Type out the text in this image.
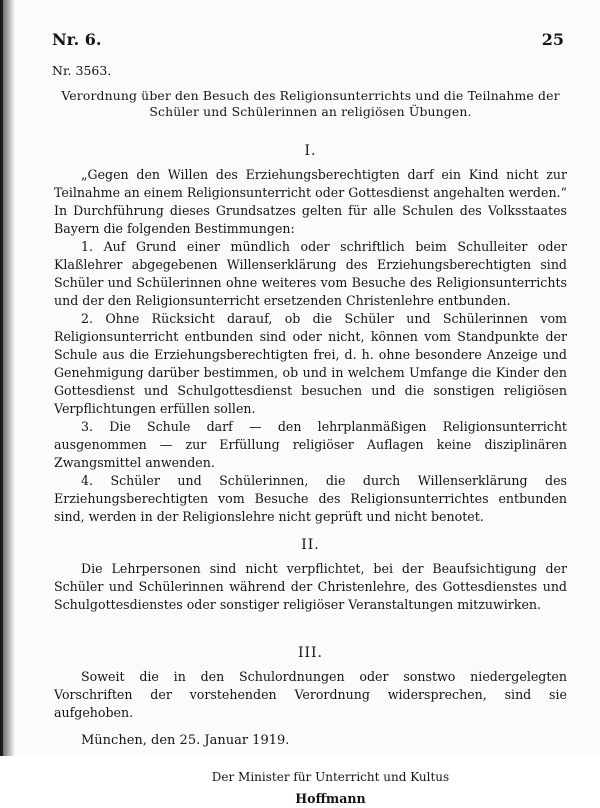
Nr. 6.	25
Nr. 3563.

Verordnung über den Besuch des Religionsunterrichts und die Teilnahme der Schüler und Schülerinnen an religiösen Übungen.

I.

„Gegen den Willen des Erziehungsberechtigten darf ein Kind nicht zur Teilnahme an einem Religionsunterricht oder Gottesdienst angehalten werden.“ In Durchführung dieses Grundsatzes gelten für alle Schulen des Volksstaates Bayern die folgenden Bestimmungen:

1. Auf Grund einer mündlich oder schriftlich beim Schulleiter oder Klaßlehrer abgegebenen Willenserklärung des Erziehungsberechtigten sind Schüler und Schülerinnen ohne weiteres vom Besuche des Religionsunterrichts und der den Religionsunterricht ersetzenden Christenlehre entbunden.

2. Ohne Rücksicht darauf, ob die Schüler und Schülerinnen vom Religionsunterricht entbunden sind oder nicht, können vom Standpunkte der Schule aus die Erziehungsberechtigten frei, d. h. ohne besondere Anzeige und Genehmigung darüber bestimmen, ob und in welchem Umfange die Kinder den Gottesdienst und Schulgottesdienst besuchen und die sonstigen religiösen Verpflichtungen erfüllen sollen.

3. Die Schule darf — den lehrplanmäßigen Religionsunterricht ausgenommen — zur Erfüllung religiöser Auflagen keine disziplinären Zwangsmittel anwenden.

4. Schüler und Schülerinnen, die durch Willenserklärung des Erziehungsberechtigten vom Besuche des Religionsunterrichtes entbunden sind, werden in der Religionslehre nicht geprüft und nicht benotet.

II.

Die Lehrpersonen sind nicht verpflichtet, bei der Beaufsichtigung der Schüler und Schülerinnen während der Christenlehre, des Gottesdienstes und Schulgottesdienstes oder sonstiger religiöser Veranstaltungen mitzuwirken.

III.

Soweit die in den Schulordnungen oder sonstwo niedergelegten Vorschriften der vorstehenden Verordnung widersprechen, sind sie aufgehoben.

München, den 25. Januar 1919.
Der Minister für Unterricht und Kultus
Hoffmann
